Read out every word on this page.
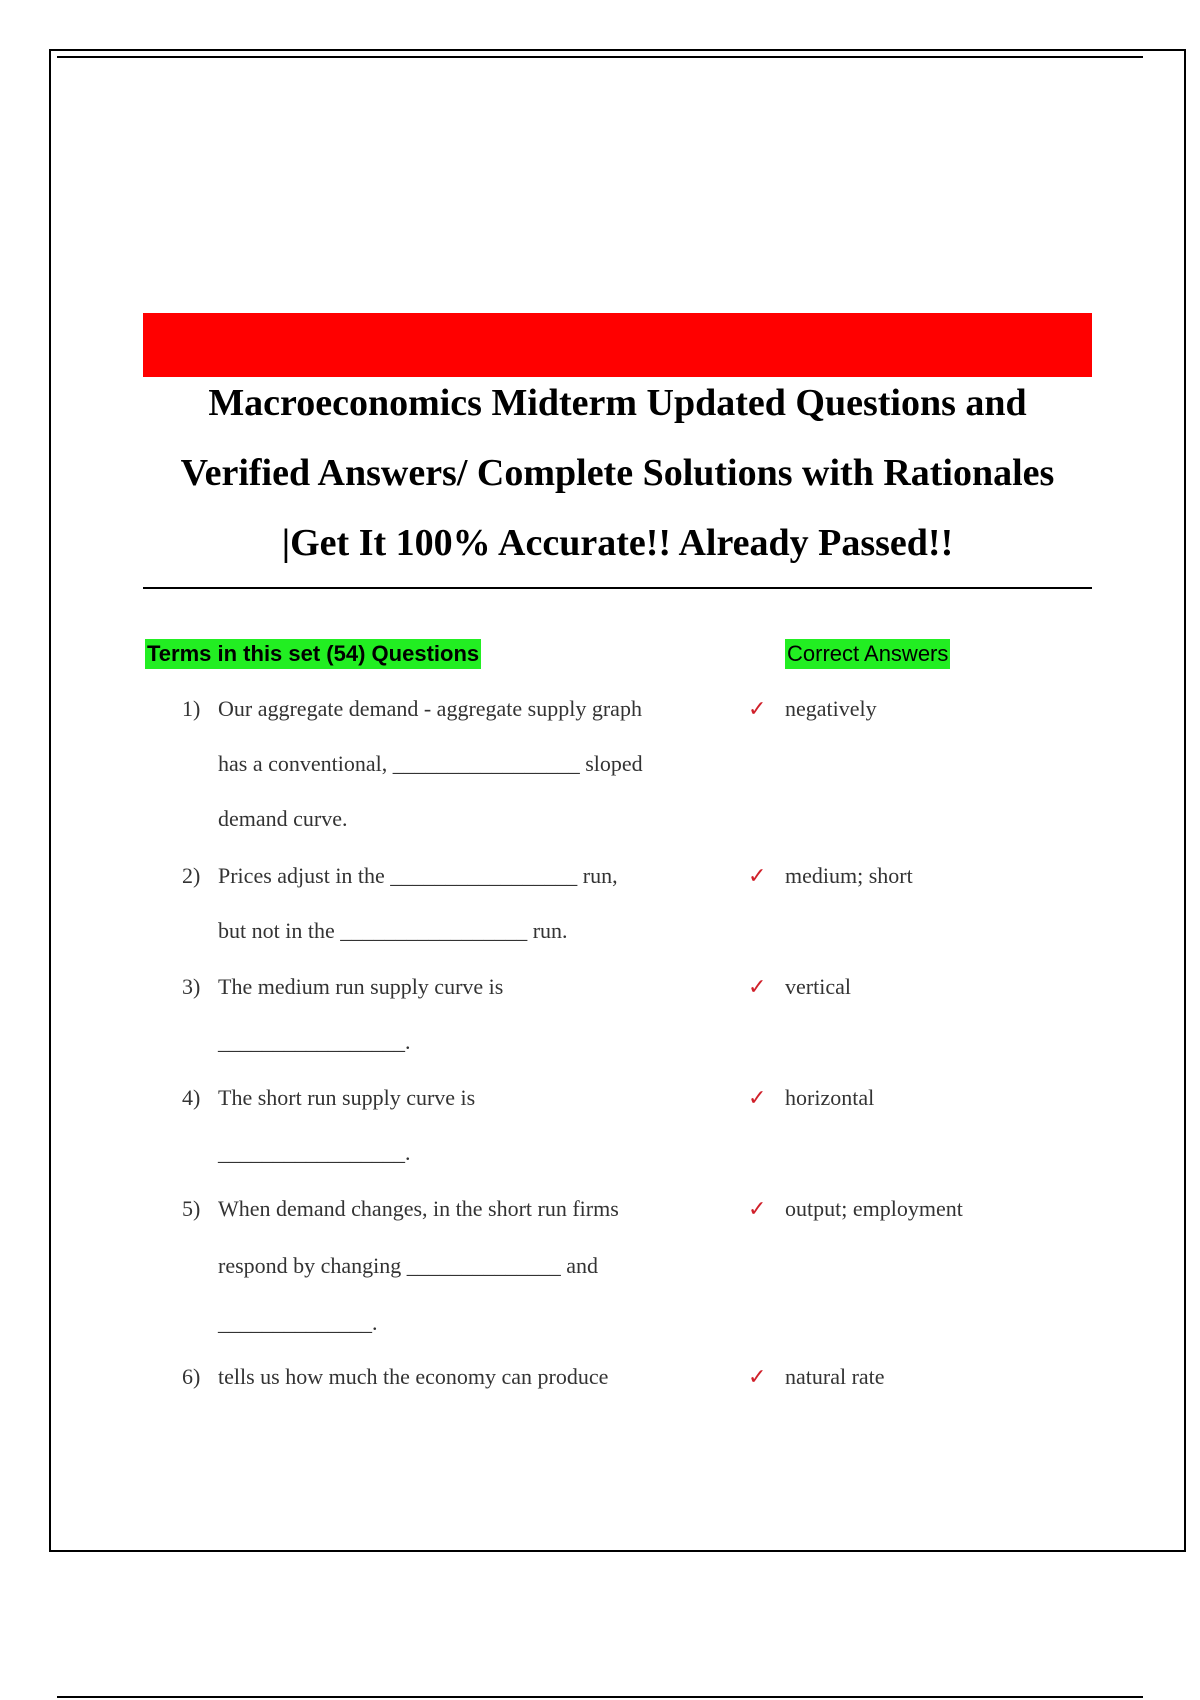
Macroeconomics Midterm Updated Questions and
Verified Answers/ Complete Solutions with Rationales
|Get It 100% Accurate!! Already Passed!!
Terms in this set (54) Questions	Correct Answers
1) Our aggregate demand - aggregate supply graph
has a conventional, _________________ sloped
demand curve.
✓ negatively
2) Prices adjust in the _________________ run,
but not in the _________________ run.
✓ medium; short
3) The medium run supply curve is
_________________.
✓ vertical
4) The short run supply curve is
_________________.
✓ horizontal
5) When demand changes, in the short run firms
respond by changing ______________ and
______________.
✓ output; employment
6) tells us how much the economy can produce	✓ natural rate
